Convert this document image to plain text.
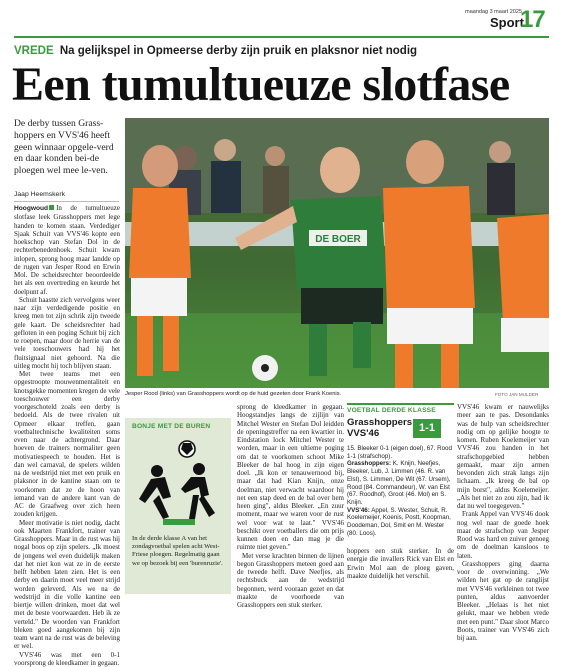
maandag 3 maart 2025
Sport
17
VREDE Na gelijkspel in Opmeerse derby zijn pruik en plaksnor niet nodig
Een tumultueuze slotfase
De derby tussen Grass-hoppers en VVS'46 heeft geen winnaar opgele-verd en daar konden bei-de ploegen wel mee le-ven.
Jaap Heemskerk
DE BOER
Jesper Rood (links) van Grasshoppers wordt op de huid gezeten door Frank Koenis.	FOTO JAN MULDER

Hoogwoud In de tumultueuze slotfase leek Grasshoppers met lege handen te komen staan. Verdediger Sjaak Schuit van VVS'46 kopte een hoekschop van Stefan Dol in de rechterbenedenhoek. Schuit kwam inlopen, sprong hoog maar landde op de rugen van Jesper Rood en Erwin Mol. De scheidsrechter beoordeelde het als een overtreding en keurde het doelpunt af.

Schuit haastte zich vervolgens weer naar zijn verdedigende positie en kreeg men tot zijn schrik zijn tweede gele kaart. De scheidsrechter had gefloten in een poging Schuit bij zich te roepen, maar door de herrie van de vele toeschouwers had hij het fluitsignaal niet gehoord. Na die uitleg mocht hij toch blijven staan.

Met twee teams met een opgestroopte mouwenmentaliteit en knotsgekke momenten kregen de vele toeschouwer een derby voorgeschoteld zoals een derby is bedoeld. Als de twee rivalen uit Opmeer elkaar treffen, gaan voetbaltechnische kwaliteiten soms even naar de achtergrond. Daar hoeven de trainers normaliter geen motivatiespeech te houden. Het is dan wel carnaval, de spelers wilden na de wedstrijd niet met een pruik en plaksnor in de kantine staan om te voorkomen dat ze de hoon van iemand van de andere kant van de AC de Graafweg over zich heen zouden krijgen.

Meer motivatie is niet nodig, dacht ook Maarten Frankfort, trainer van Grasshoppers. Maar in de rust was hij nogal boos op zijn spelers. „Ik moest de jongens wel even duidelijk maken dat het niet kon wat ze in de eerste helft hebben laten zien. Het is een derby en daarin moet veel meer strijd worden geleverd. Als we na de wedstrijd in die volle kantine een biertje willen drinken, moet dat wel met de beste voorwaarden. Heb ik ze verteld." De woorden van Frankfort bleken goed aangekomen bij zijn team want na de rust was de beleving er wel.

VVS'46 was met een 0-1 voorsprong de kleedkamer in gegaan.

BONJE MET DE BUREN
In de derde klasse A van het zondagvoetbal spelen acht West-Friese ploegen. Regelmatig gaan we op bezoek bij een 'burenruzie'.

sprong de kleedkamer in gegaan. Hoogstandjes langs de zijlijn van Mitchel Wester en Stefan Dol leidden de openingstreffer na een kwartier in. Eindstation lock Mitchel Wester te worden, maar in een ultieme poging om dat te voorkomen schoot Mike Bleeker de bal hoog in zijn eigen doel. „Ik kon er tenauwernood bij, maar dat had Kian Knijn, onze doelman, niet verwacht waardoor hij net een stap deed en de bal over hem heen ging", aldus Bleeker. „En zuur moment, maar we waren voor de rust wel voor wat te laat." VVS'46 beschikt over voetballers die om prijs kunnen doen en dan mag je die ruimte niet geven."

Met verse krachten binnen de lijnen begon Grasshoppers meteen goed aan de tweede helft. Dave Neefjes, als rechtsbuck aan de wedstrijd begonnen, werd vooraan gezet en dat maakte de voorhoede van Grasshoppers een stuk sterker.

VOETBAL DERDE KLASSE
Grasshoppers
VVS'46	1-1
15. Bleeker 0-1 (eigen doel), 67. Rood 1-1 (strafschop).
Grasshoppers: K. Knijn, Neefjes, Bleeker, Lub, J. Limmen (46. R. van Elst), S. Limmen, De Wit (67. Ursem), Rood (84. Commandeur), W. van Elst (67. Roodhof), Groot (46. Mol) en S. Knijn.
VVS'46: Appel, S. Wester, Schuit, R. Koelemeijer, Koenis, Postt, Koopman, Doodeman, Dol, Smit en M. Wester (80. Loos).

hoppers een stuk sterker. In de energie die invallers Rick van Elst en Erwin Mol aan de ploeg gaven, maakte duidelijk het verschil.

VVS'46 kwam er nauwelijks meer aan te pas. Desondanks was de hulp van scheidsrechter nodig om op gelijke hoogte te komen. Ruben Koelemeijer van VVS'46 zou handen in het strafschopgebied hebben gemaakt, maar zijn armen bevonden zich strak langs zijn lichaam. „Ik kreeg de bal op mijn borst", aldus Koelemeijer. „Als het niet zo zou zijn, had ik dat nu wel toegegeven."

Frank Appel van VVS'46 dook nog wel naar de goede hoek maar de strafschop van Jesper Rood was hard en zuiver genoeg om de doelman kansloos te laten.

Grasshoppers ging daarna voor de overwinning. „We wilden het gat op de ranglijst met VVS'46 verkleinen tot twee punten, aldus aanvoerder Bleeker. „Helaas is het niet gelukt, maar we hebben vrede met een punt." Daar sloot Marco Boots, trainer van VVS'46 zich bij aan.
